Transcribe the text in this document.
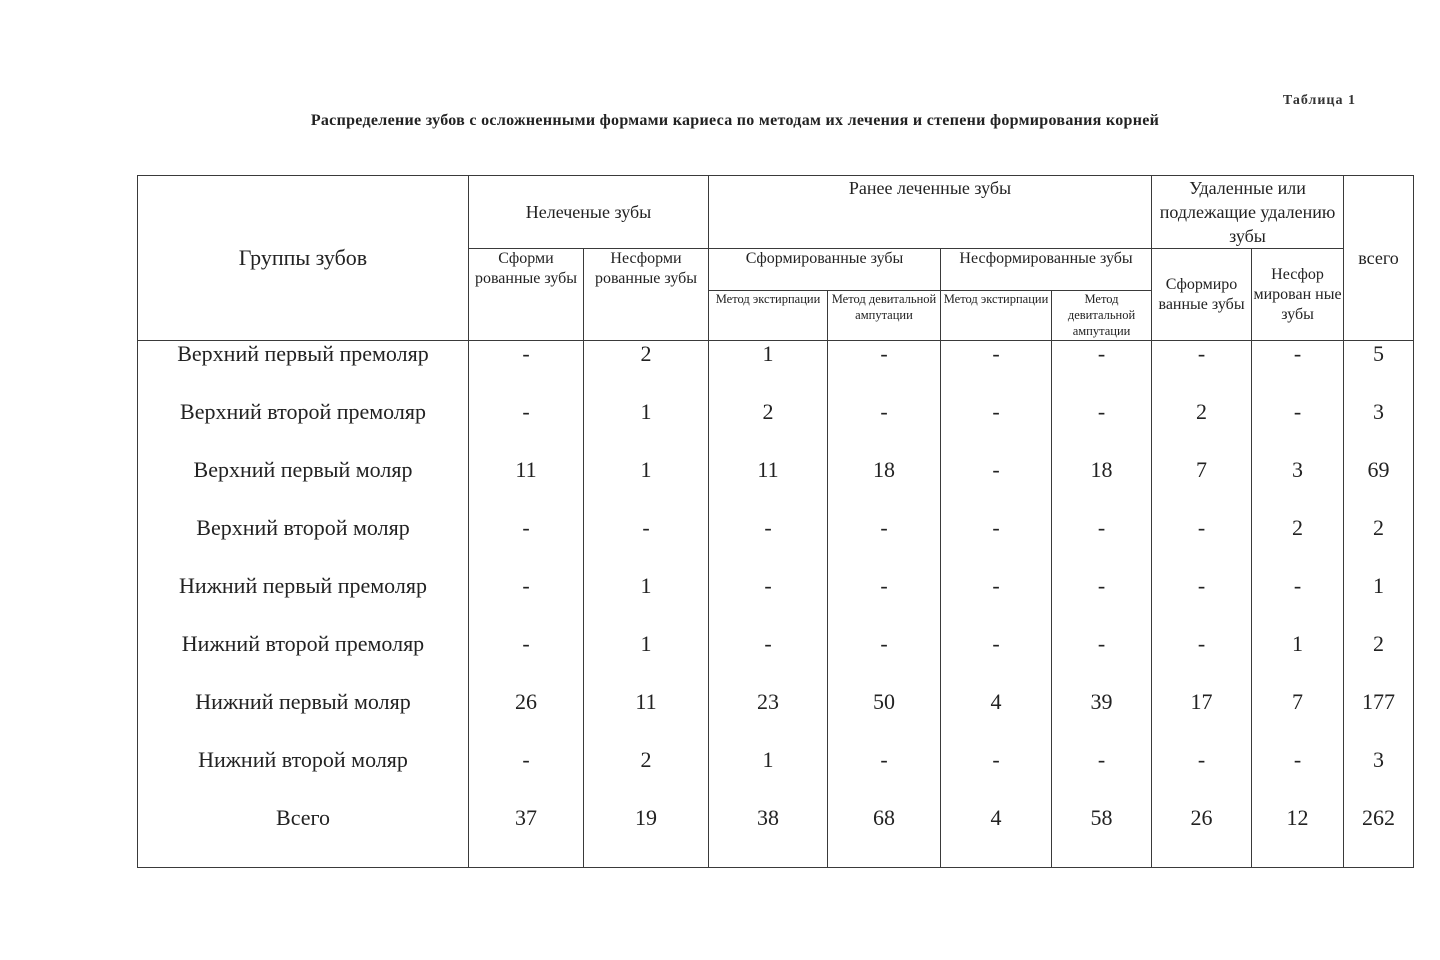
Таблица 1
Распределение зубов с осложненными формами кариеса по методам их лечения и степени формирования корней
Группы зубов	Нелеченые зубы		Ранее леченные зубы				Удаленные или подлежащие удалению зубы		всего
	Сформи рованные зубы	Несформи рованные зубы	Сформированные зубы		Несформированные зубы		Сформиро ванные зубы	Несфор мирован ные зубы	
			Метод экстирпации	Метод девитальной ампутации	Метод экстирпации	Метод девитальной ампутации			
Верхний первый премоляр	-	2	1	-	-	-	-	-	5
Верхний второй премоляр	-	1	2	-	-	-	2	-	3
Верхний первый моляр	11	1	11	18	-	18	7	3	69
Верхний второй моляр	-	-	-	-	-	-	-	2	2
Нижний первый премоляр	-	1	-	-	-	-	-	-	1
Нижний второй премоляр	-	1	-	-	-	-	-	1	2
Нижний первый моляр	26	11	23	50	4	39	17	7	177
Нижний второй моляр	-	2	1	-	-	-	-	-	3
Всего	37	19	38	68	4	58	26	12	262
